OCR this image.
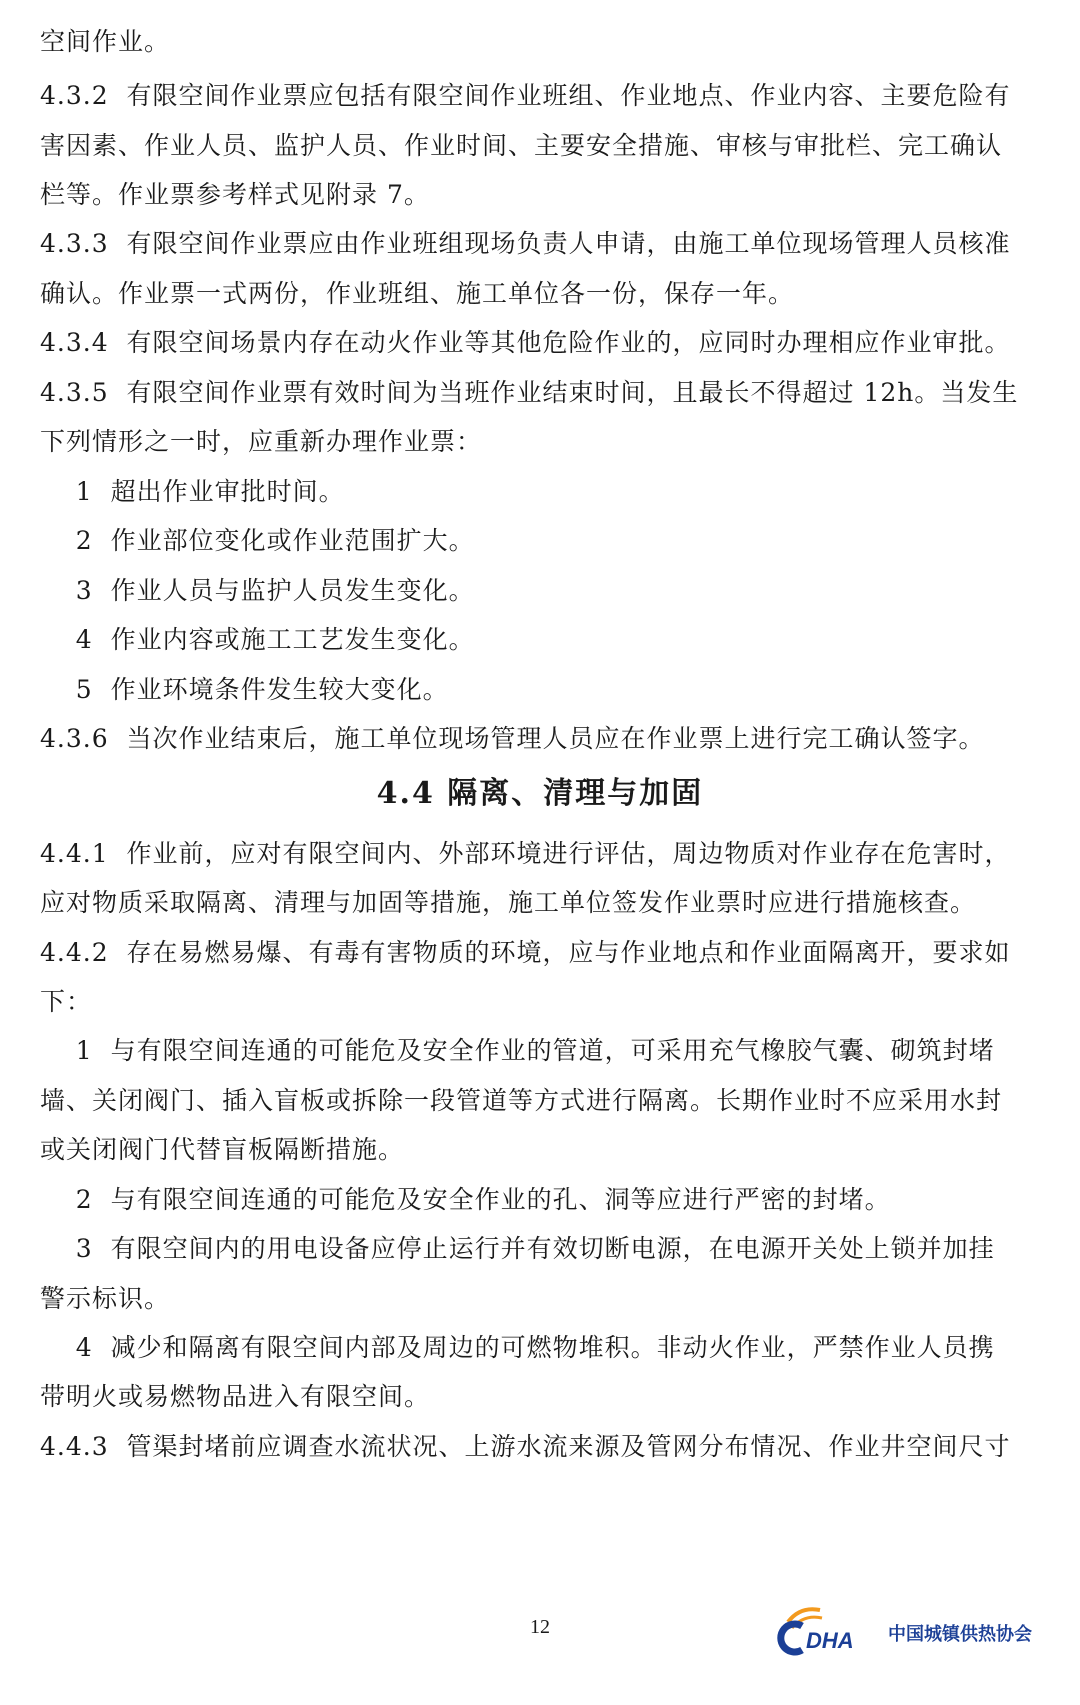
空间作业。
4.3.2  有限空间作业票应包括有限空间作业班组、作业地点、作业内容、主要危险有
害因素、作业人员、监护人员、作业时间、主要安全措施、审核与审批栏、完工确认
栏等。作业票参考样式见附录 7。
4.3.3  有限空间作业票应由作业班组现场负责人申请，由施工单位现场管理人员核准
确认。作业票一式两份，作业班组、施工单位各一份，保存一年。
4.3.4  有限空间场景内存在动火作业等其他危险作业的，应同时办理相应作业审批。
4.3.5  有限空间作业票有效时间为当班作业结束时间，且最长不得超过 12h。当发生
下列情形之一时，应重新办理作业票：
1  超出作业审批时间。
2  作业部位变化或作业范围扩大。
3  作业人员与监护人员发生变化。
4  作业内容或施工工艺发生变化。
5  作业环境条件发生较大变化。
4.3.6  当次作业结束后，施工单位现场管理人员应在作业票上进行完工确认签字。
4.4 隔离、清理与加固
4.4.1  作业前，应对有限空间内、外部环境进行评估，周边物质对作业存在危害时，
应对物质采取隔离、清理与加固等措施，施工单位签发作业票时应进行措施核查。
4.4.2  存在易燃易爆、有毒有害物质的环境，应与作业地点和作业面隔离开，要求如
下：
1  与有限空间连通的可能危及安全作业的管道，可采用充气橡胶气囊、砌筑封堵
墙、关闭阀门、插入盲板或拆除一段管道等方式进行隔离。长期作业时不应采用水封
或关闭阀门代替盲板隔断措施。
2  与有限空间连通的可能危及安全作业的孔、洞等应进行严密的封堵。
3  有限空间内的用电设备应停止运行并有效切断电源，在电源开关处上锁并加挂
警示标识。
4  减少和隔离有限空间内部及周边的可燃物堆积。非动火作业，严禁作业人员携
带明火或易燃物品进入有限空间。
4.4.3  管渠封堵前应调查水流状况、上游水流来源及管网分布情况、作业井空间尺寸
12
DHA 中国城镇供热协会
